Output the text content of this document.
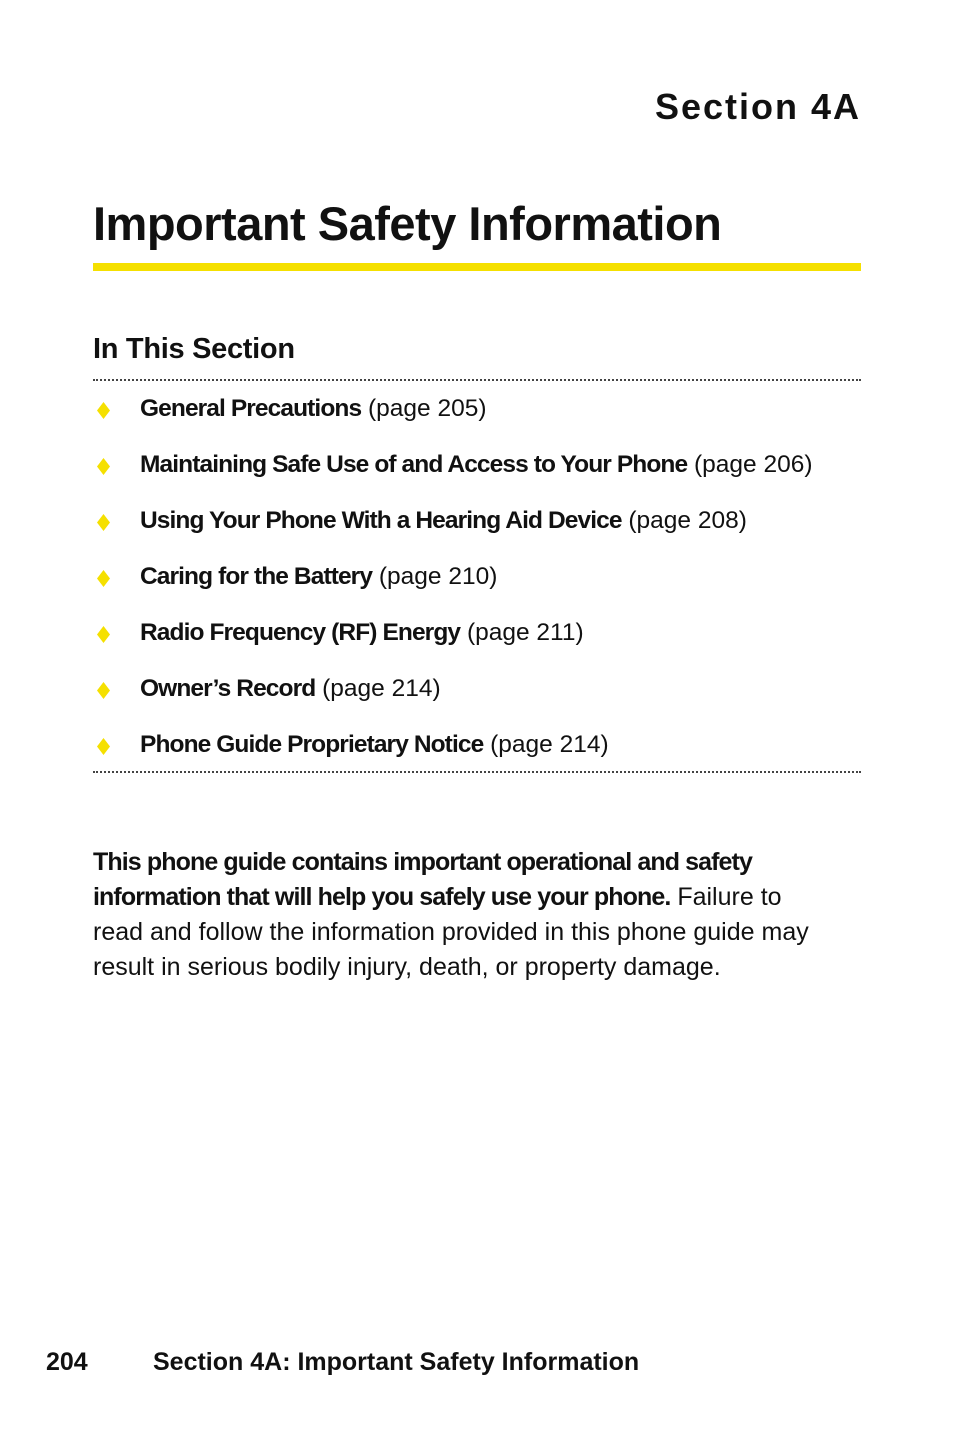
Section 4A
Important Safety Information
In This Section
General Precautions (page 205)
Maintaining Safe Use of and Access to Your Phone (page 206)
Using Your Phone With a Hearing Aid Device (page 208)
Caring for the Battery (page 210)
Radio Frequency (RF) Energy (page 211)
Owner’s Record (page 214)
Phone Guide Proprietary Notice (page 214)

This phone guide contains important operational and safety information that will help you safely use your phone. Failure to read and follow the information provided in this phone guide may result in serious bodily injury, death, or property damage.

204	Section 4A: Important Safety Information
